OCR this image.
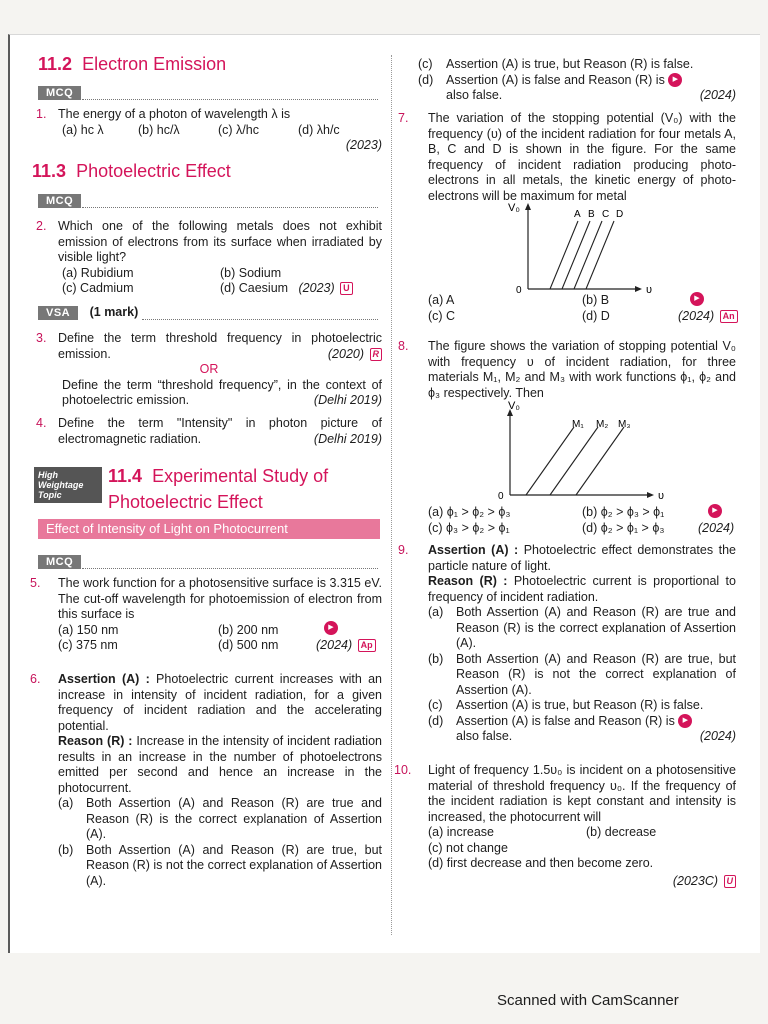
11.2 Electron Emission
MCQ
1. The energy of a photon of wavelength λ is
(a) hc λ	(b) hc/λ	(c) λ/hc	(d) λh/c
(2023)
11.3 Photoelectric Effect
MCQ
2. Which one of the following metals does not exhibit emission of electrons from its surface when irradiated by visible light?
(a) Rubidium	(b) Sodium
(c) Cadmium	(d) Caesium (2023) U
VSA (1 mark)
3. Define the term threshold frequency in photoelectric emission.	(2020) R
OR
Define the term “threshold frequency”, in the context of photoelectric emission.	(Delhi 2019)
4. Define the term "Intensity" in photon picture of electromagnetic radiation.	(Delhi 2019)
High
Weightage
Topic
11.4 Experimental Study of
Photoelectric Effect
Effect of Intensity of Light on Photocurrent
MCQ
5. The work function for a photosensitive surface is 3.315 eV. The cut-off wavelength for photoemission of electron from this surface is
(a) 150 nm	(b) 200 nm	▶
(c) 375 nm	(d) 500 nm	(2024) Ap
6. Assertion (A) : Photoelectric current increases with an increase in intensity of incident radiation, for a given frequency of incident radiation and the accelerating potential.
Reason (R) : Increase in the intensity of incident radiation results in an increase in the number of photoelectrons emitted per second and hence an increase in the photocurrent.
(a) Both Assertion (A) and Reason (R) are true and Reason (R) is the correct explanation of Assertion (A).
(b) Both Assertion (A) and Reason (R) are true, but Reason (R) is not the correct explanation of Assertion (A).
(c) Assertion (A) is true, but Reason (R) is false.
(d) Assertion (A) is false and Reason (R) is ▶
also false.	(2024)
7. The variation of the stopping potential (V₀) with the frequency (υ) of the incident radiation for four metals A, B, C and D is shown in the figure. For the same frequency of incident radiation producing photo-electrons in all metals, the kinetic energy of photo-electrons will be maximum for metal
V₀
υ
0
A B C D
(a) A	(b) B	▶
(c) C	(d) D	(2024) An
8. The figure shows the variation of stopping potential V₀ with frequency υ of incident radiation, for three materials M₁, M₂ and M₃ with work functions ϕ₁, ϕ₂ and ϕ₃ respectively. Then
V₀
υ
0
M₁ M₂ M₃
(a) ϕ₁ > ϕ₂ > ϕ₃	(b) ϕ₂ > ϕ₃ > ϕ₁	▶
(c) ϕ₃ > ϕ₂ > ϕ₁	(d) ϕ₂ > ϕ₁ > ϕ₃	(2024)
9. Assertion (A) : Photoelectric effect demonstrates the particle nature of light.
Reason (R) : Photoelectric current is proportional to frequency of incident radiation.
(a) Both Assertion (A) and Reason (R) are true and Reason (R) is the correct explanation of Assertion (A).
(b) Both Assertion (A) and Reason (R) are true, but Reason (R) is not the correct explanation of Assertion (A).
(c) Assertion (A) is true, but Reason (R) is false.
(d) Assertion (A) is false and Reason (R) is ▶
also false.	(2024)
10. Light of frequency 1.5υ₀ is incident on a photosensitive material of threshold frequency υ₀. If the frequency of the incident radiation is kept constant and intensity is increased, the photocurrent will
(a) increase	(b) decrease
(c) not change
(d) first decrease and then become zero.
(2023C) U
Scanned with CamScanner
